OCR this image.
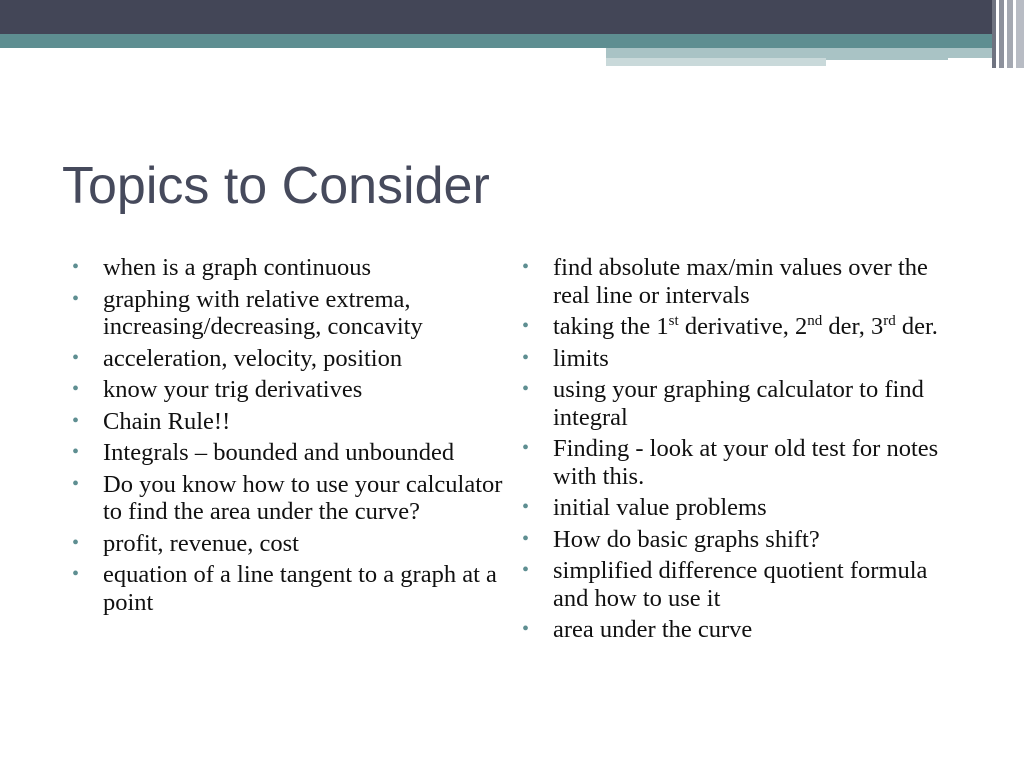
Topics to Consider
• when is a graph continuous
• graphing with relative extrema, increasing/decreasing, concavity
• acceleration, velocity, position
• know your trig derivatives
• Chain Rule!!
• Integrals – bounded and unbounded
• Do you know how to use your calculator to find the area under the curve?
• profit, revenue, cost
• equation of a line tangent to a graph at a point
• find absolute max/min values over the real line or intervals
• taking the 1st derivative, 2nd der, 3rd der.
• limits
• using your graphing calculator to find integral
• Finding - look at your old test for notes with this.
• initial value problems
• How do basic graphs shift?
• simplified difference quotient formula and how to use it
• area under the curve
